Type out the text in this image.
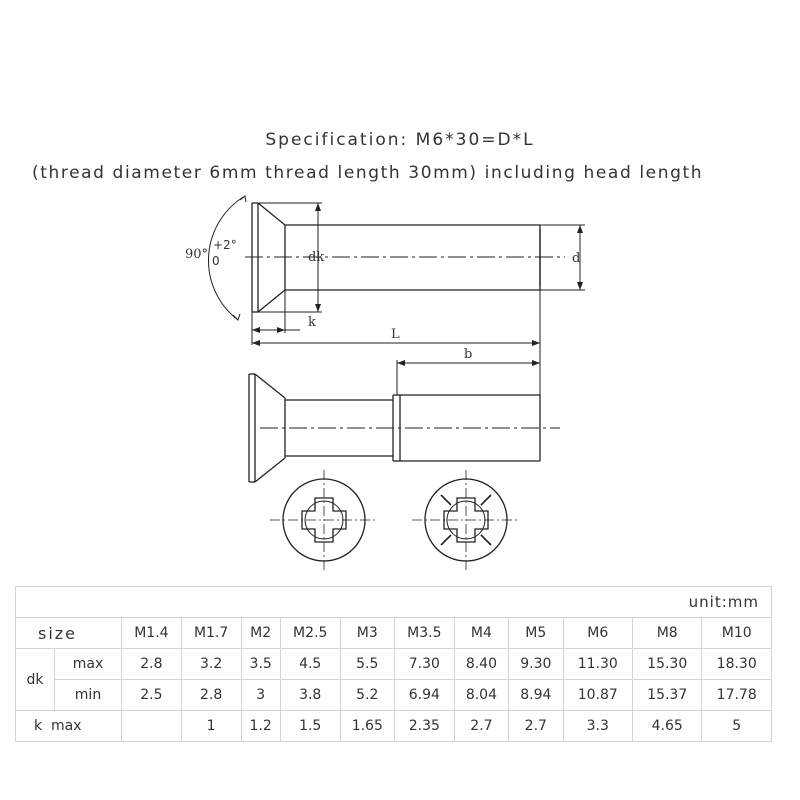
Specification: M6*30=D*L
(thread diameter 6mm thread length 30mm) including head length
90°
+2°
0	dk	d
k
L
b
unit:mm												
size		M1.4	M1.7	M2	M2.5	M3	M3.5	M4	M5	M6	M8	M10
dk	max	2.8	3.2	3.5	4.5	5.5	7.30	8.40	9.30	11.30	15.30	18.30
	min	2.5	2.8	3	3.8	5.2	6.94	8.04	8.94	10.87	15.37	17.78
k max			1	1.2	1.5	1.65	2.35	2.7	2.7	3.3	4.65	5
